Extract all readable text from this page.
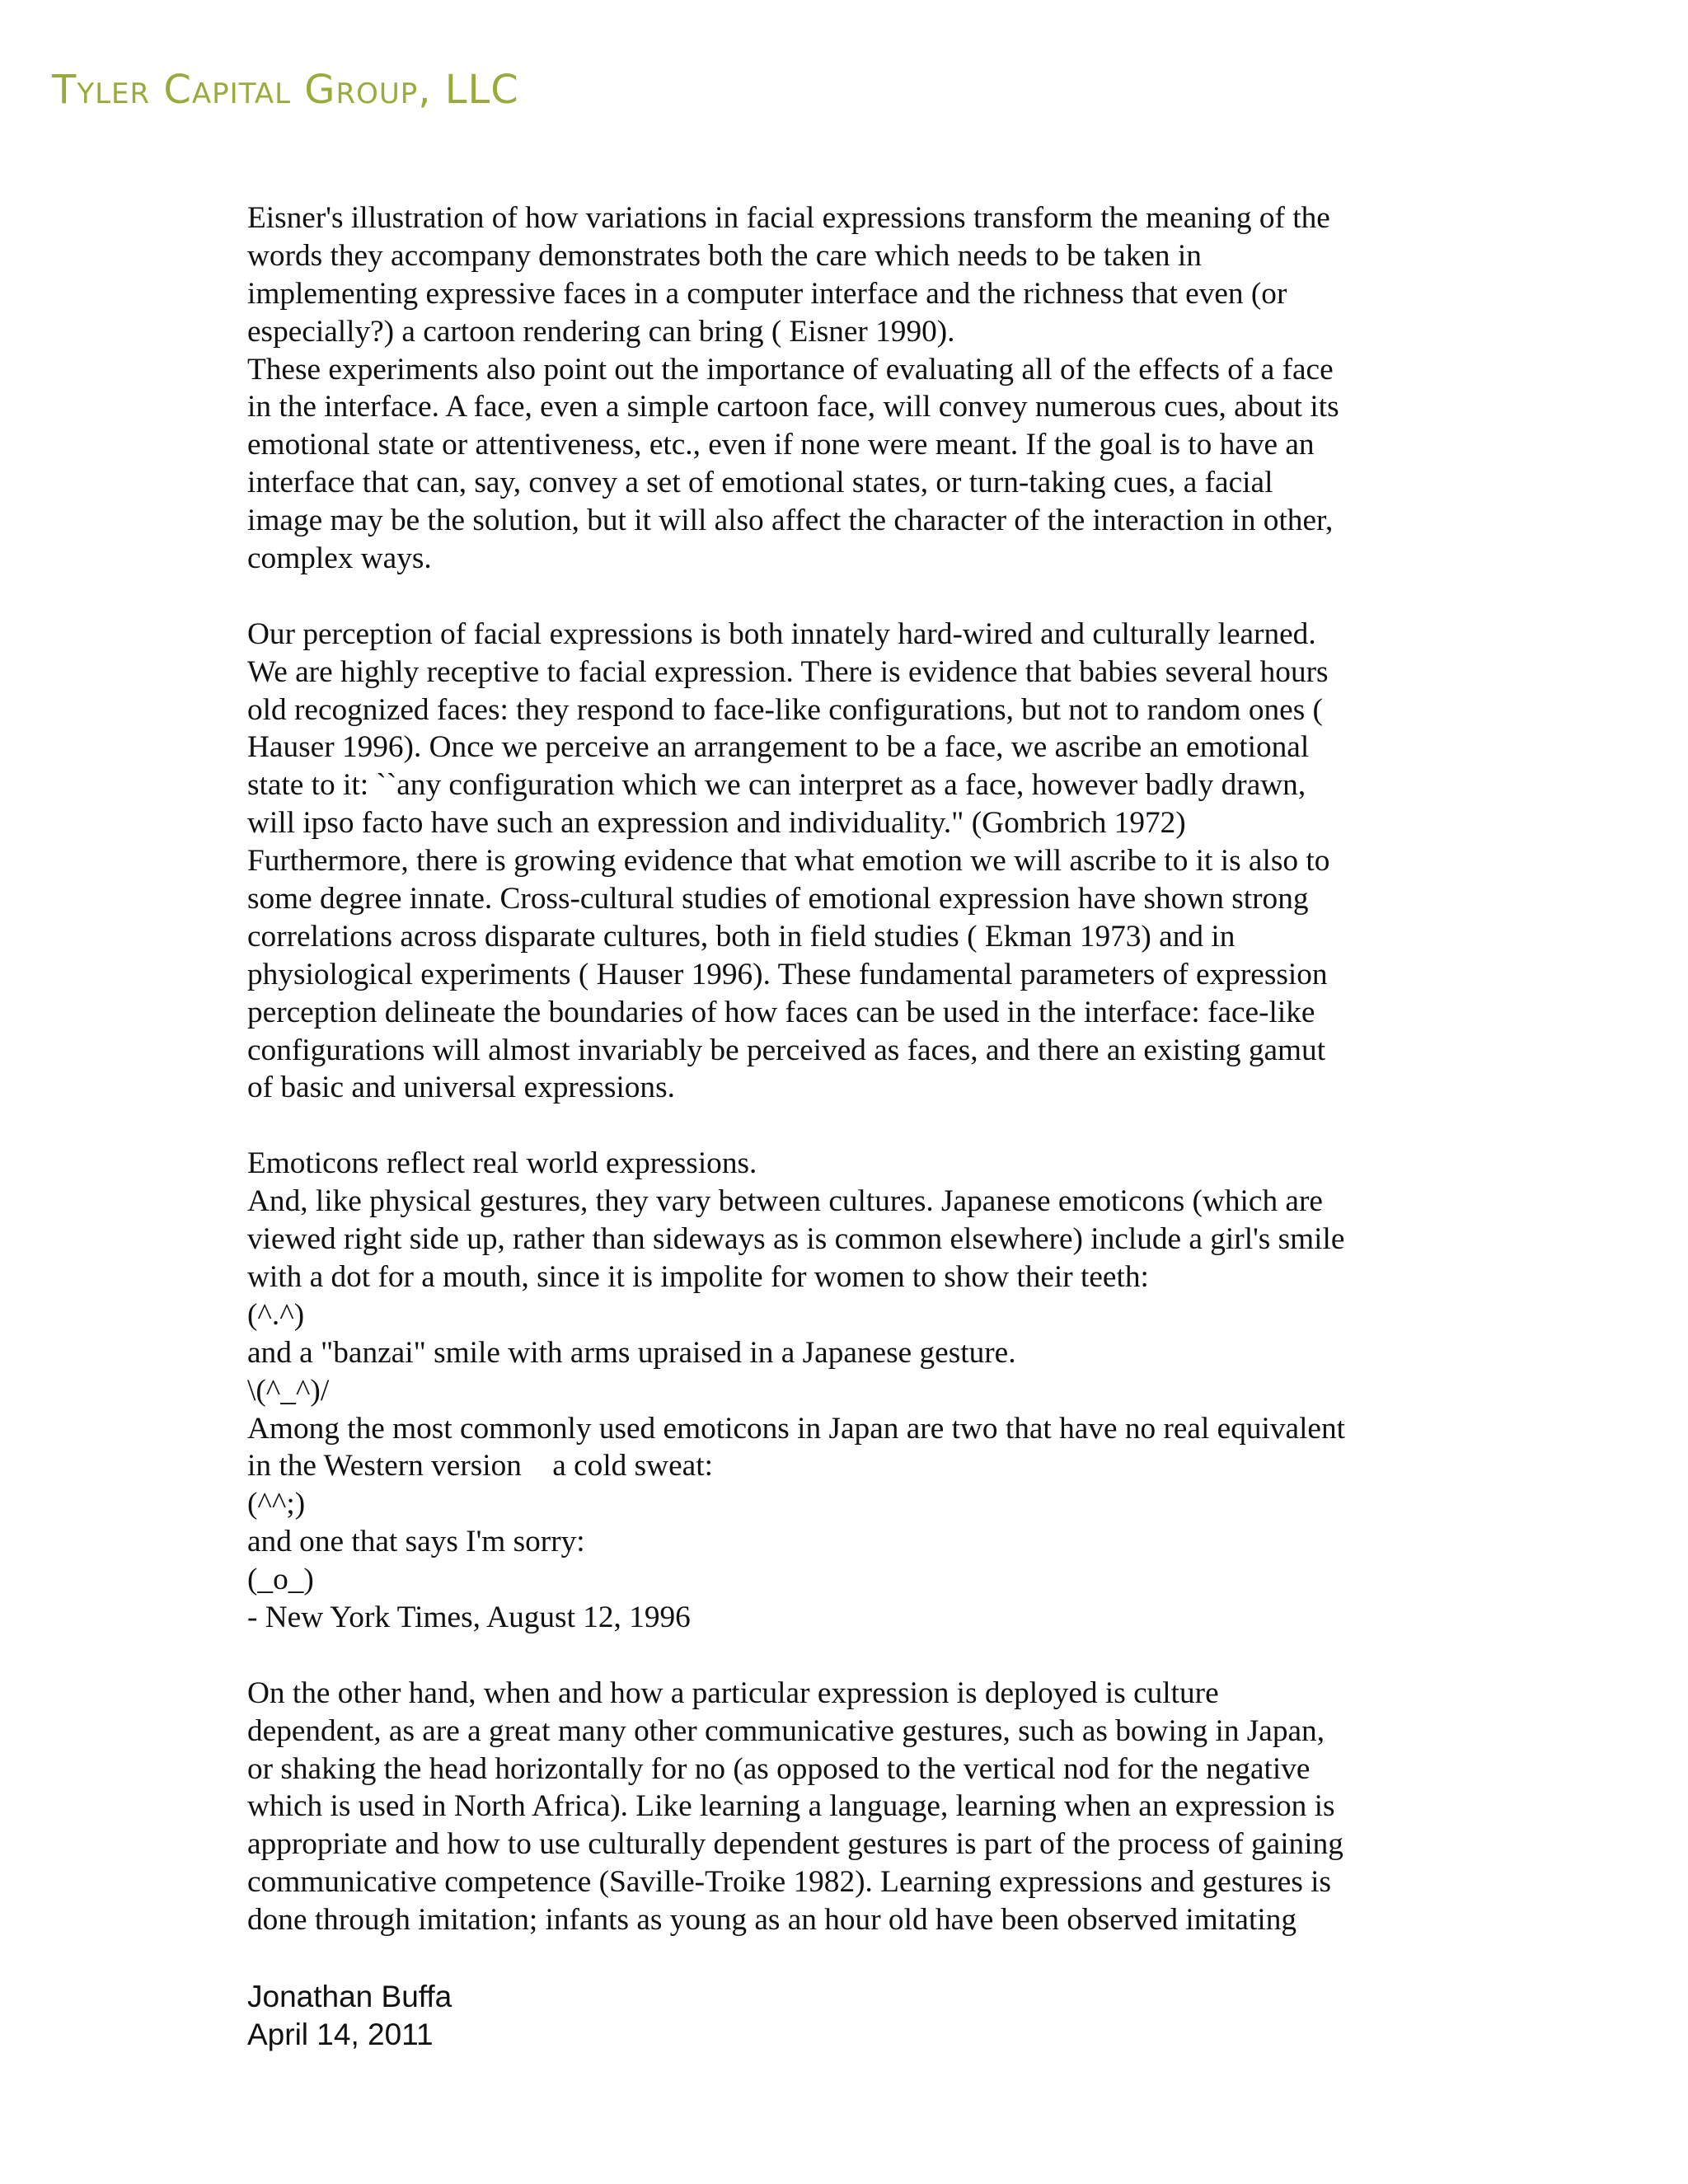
Tyler Capital Group, LLC
Eisner's illustration of how variations in facial expressions transform the meaning of the
words they accompany demonstrates both the care which needs to be taken in
implementing expressive faces in a computer interface and the richness that even (or
especially?) a cartoon rendering can bring ( Eisner 1990).
These experiments also point out the importance of evaluating all of the effects of a face
in the interface. A face, even a simple cartoon face, will convey numerous cues, about its
emotional state or attentiveness, etc., even if none were meant. If the goal is to have an
interface that can, say, convey a set of emotional states, or turn-taking cues, a facial
image may be the solution, but it will also affect the character of the interaction in other,
complex ways.
Our perception of facial expressions is both innately hard-wired and culturally learned.
We are highly receptive to facial expression. There is evidence that babies several hours
old recognized faces: they respond to face-like configurations, but not to random ones (
Hauser 1996). Once we perceive an arrangement to be a face, we ascribe an emotional
state to it: ``any configuration which we can interpret as a face, however badly drawn,
will ipso facto have such an expression and individuality." (Gombrich 1972)
Furthermore, there is growing evidence that what emotion we will ascribe to it is also to
some degree innate. Cross-cultural studies of emotional expression have shown strong
correlations across disparate cultures, both in field studies ( Ekman 1973) and in
physiological experiments ( Hauser 1996). These fundamental parameters of expression
perception delineate the boundaries of how faces can be used in the interface: face-like
configurations will almost invariably be perceived as faces, and there an existing gamut
of basic and universal expressions.
Emoticons reflect real world expressions.
And, like physical gestures, they vary between cultures. Japanese emoticons (which are
viewed right side up, rather than sideways as is common elsewhere) include a girl's smile
with a dot for a mouth, since it is impolite for women to show their teeth:
(^.^)
and a "banzai" smile with arms upraised in a Japanese gesture.
\(^_^)/
Among the most commonly used emoticons in Japan are two that have no real equivalent
in the Western version    a cold sweat:
(^^;)
and one that says I'm sorry:
(_o_)
- New York Times, August 12, 1996
On the other hand, when and how a particular expression is deployed is culture
dependent, as are a great many other communicative gestures, such as bowing in Japan,
or shaking the head horizontally for no (as opposed to the vertical nod for the negative
which is used in North Africa). Like learning a language, learning when an expression is
appropriate and how to use culturally dependent gestures is part of the process of gaining
communicative competence (Saville-Troike 1982). Learning expressions and gestures is
done through imitation; infants as young as an hour old have been observed imitating
Jonathan Buffa
April 14, 2011
